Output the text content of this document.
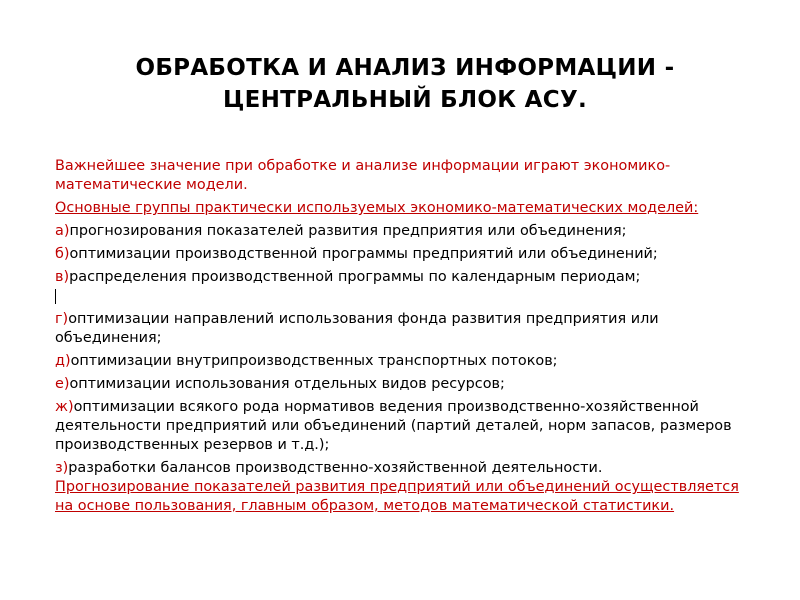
ОБРАБОТКА И АНАЛИЗ ИНФОРМАЦИИ -
ЦЕНТРАЛЬНЫЙ БЛОК АСУ.

Важнейшее значение при обработке и анализе информации играют экономико-математические модели.

Основные группы практически используемых экономико-математических моделей:

а)прогнозирования показателей развития предприятия или объединения;

б)оптимизации производственной программы предприятий или объединений;

в)распределения производственной программы по календарным периодам;

г)оптимизации направлений использования фонда развития предприятия или объединения;

д)оптимизации внутрипроизводственных транспортных потоков;

е)оптимизации использования отдельных видов ресурсов;

ж)оптимизации всякого рода нормативов ведения производственно-хозяйственной деятельности предприятий или объединений (партий деталей, норм запасов, размеров производственных резервов и т.д.);

з)разработки балансов производственно-хозяйственной деятельности.

Прогнозирование показателей развития предприятий или объединений осуществляется на основе пользования, главным образом, методов математической статистики.
